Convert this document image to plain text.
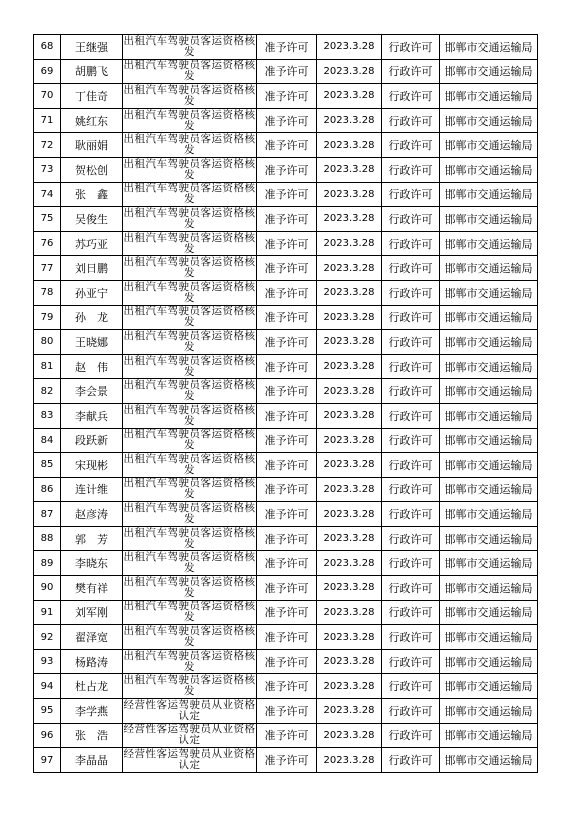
68	王继强	出租汽车驾驶员客运资格核发	准予许可	2023.3.28	行政许可	邯郸市交通运输局
69	胡鹏飞	出租汽车驾驶员客运资格核发	准予许可	2023.3.28	行政许可	邯郸市交通运输局
70	丁佳奇	出租汽车驾驶员客运资格核发	准予许可	2023.3.28	行政许可	邯郸市交通运输局
71	姚红东	出租汽车驾驶员客运资格核发	准予许可	2023.3.28	行政许可	邯郸市交通运输局
72	耿丽娟	出租汽车驾驶员客运资格核发	准予许可	2023.3.28	行政许可	邯郸市交通运输局
73	贺松创	出租汽车驾驶员客运资格核发	准予许可	2023.3.28	行政许可	邯郸市交通运输局
74	张　鑫	出租汽车驾驶员客运资格核发	准予许可	2023.3.28	行政许可	邯郸市交通运输局
75	吴俊生	出租汽车驾驶员客运资格核发	准予许可	2023.3.28	行政许可	邯郸市交通运输局
76	苏巧亚	出租汽车驾驶员客运资格核发	准予许可	2023.3.28	行政许可	邯郸市交通运输局
77	刘日鹏	出租汽车驾驶员客运资格核发	准予许可	2023.3.28	行政许可	邯郸市交通运输局
78	孙亚宁	出租汽车驾驶员客运资格核发	准予许可	2023.3.28	行政许可	邯郸市交通运输局
79	孙　龙	出租汽车驾驶员客运资格核发	准予许可	2023.3.28	行政许可	邯郸市交通运输局
80	王晓娜	出租汽车驾驶员客运资格核发	准予许可	2023.3.28	行政许可	邯郸市交通运输局
81	赵　伟	出租汽车驾驶员客运资格核发	准予许可	2023.3.28	行政许可	邯郸市交通运输局
82	李会景	出租汽车驾驶员客运资格核发	准予许可	2023.3.28	行政许可	邯郸市交通运输局
83	李献兵	出租汽车驾驶员客运资格核发	准予许可	2023.3.28	行政许可	邯郸市交通运输局
84	段跃新	出租汽车驾驶员客运资格核发	准予许可	2023.3.28	行政许可	邯郸市交通运输局
85	宋现彬	出租汽车驾驶员客运资格核发	准予许可	2023.3.28	行政许可	邯郸市交通运输局
86	连计维	出租汽车驾驶员客运资格核发	准予许可	2023.3.28	行政许可	邯郸市交通运输局
87	赵彦涛	出租汽车驾驶员客运资格核发	准予许可	2023.3.28	行政许可	邯郸市交通运输局
88	郭　芳	出租汽车驾驶员客运资格核发	准予许可	2023.3.28	行政许可	邯郸市交通运输局
89	李晓东	出租汽车驾驶员客运资格核发	准予许可	2023.3.28	行政许可	邯郸市交通运输局
90	樊有祥	出租汽车驾驶员客运资格核发	准予许可	2023.3.28	行政许可	邯郸市交通运输局
91	刘军刚	出租汽车驾驶员客运资格核发	准予许可	2023.3.28	行政许可	邯郸市交通运输局
92	翟泽宽	出租汽车驾驶员客运资格核发	准予许可	2023.3.28	行政许可	邯郸市交通运输局
93	杨路涛	出租汽车驾驶员客运资格核发	准予许可	2023.3.28	行政许可	邯郸市交通运输局
94	杜占龙	出租汽车驾驶员客运资格核发	准予许可	2023.3.28	行政许可	邯郸市交通运输局
95	李学燕	经营性客运驾驶员从业资格认定	准予许可	2023.3.28	行政许可	邯郸市交通运输局
96	张　浩	经营性客运驾驶员从业资格认定	准予许可	2023.3.28	行政许可	邯郸市交通运输局
97	李晶晶	经营性客运驾驶员从业资格认定	准予许可	2023.3.28	行政许可	邯郸市交通运输局
